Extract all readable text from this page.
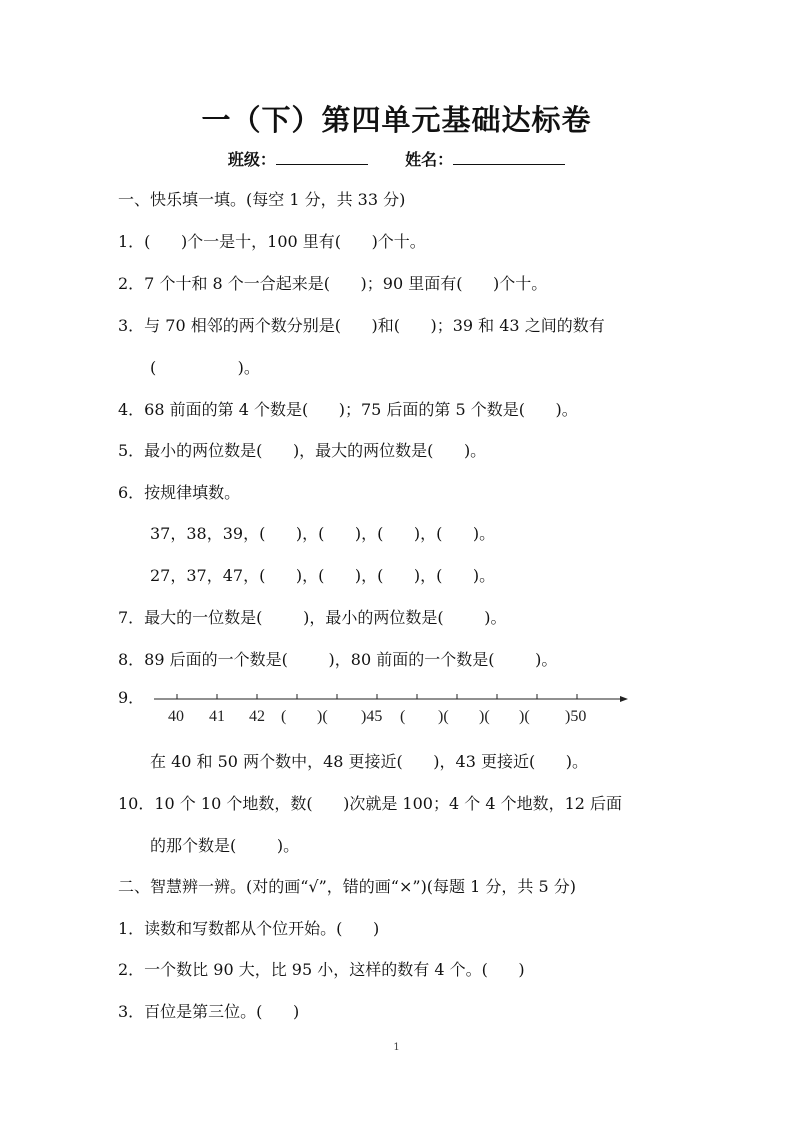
一（下）第四单元基础达标卷
班级：	姓名：
一、快乐填一填。(每空 1 分，共 33 分)
1．(      )个一是十，100 里有(      )个十。
2．7 个十和 8 个一合起来是(      )；90 里面有(      )个十。
3．与 70 相邻的两个数分别是(      )和(      )；39 和 43 之间的数有
(                )。
4．68 前面的第 4 个数是(      )；75 后面的第 5 个数是(      )。
5．最小的两位数是(      )，最大的两位数是(      )。
6．按规律填数。
37，38，39，(      )，(      )，(      )，(      )。
27，37，47，(      )，(      )，(      )，(      )。
7．最大的一位数是(        )，最小的两位数是(        )。
8．89 后面的一个数是(        )，80 前面的一个数是(        )。
9．
40 41 42 ( )( )45 ( )( )( )( )50
在 40 和 50 两个数中，48 更接近(      )，43 更接近(      )。
10．10 个 10 个地数，数(      )次就是 100；4 个 4 个地数，12 后面
的那个数是(        )。
二、智慧辨一辨。(对的画“√”，错的画“×”)(每题 1 分，共 5 分)
1．读数和写数都从个位开始。(      )
2．一个数比 90 大，比 95 小，这样的数有 4 个。(      )
3．百位是第三位。(      )
1
